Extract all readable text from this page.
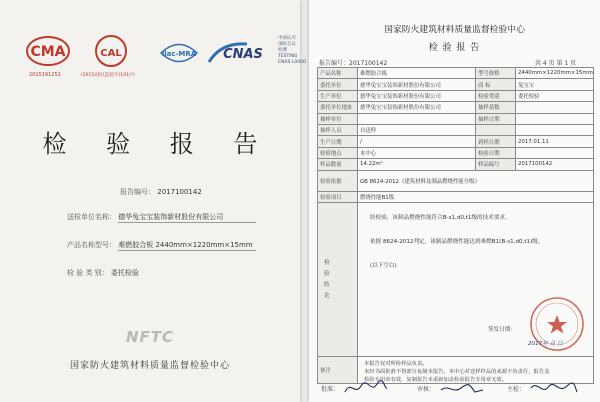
CMA
2015191252
CAL
(2015)国认监验字(191)号
ilac-MRA CNAS
中国认可
国际互认
检测
TESTING
CNAS L0000
检 验 报 告
报告编号： 2017100142
送检单位名称： 德华兔宝宝装饰新材股份有限公司
产品名称型号： 难燃胶合板 2440mm×1220mm×15mm
检 验 类 别： 委托检验
NFTC
国家防火建筑材料质量监督检验中心
国家防火建筑材料质量监督检验中心
检 验 报 告
报告编号：2017100142	共 4 页 第 1 页
产品名称	难燃胶合板	型号规格	2440mm×1220mm×15mm
委托单位	德华兔宝宝装饰新材股份有限公司	商 标	兔宝宝
生产单位	德华兔宝宝装饰新材股份有限公司	检验类别	委托检验
委托单位地址	德华兔宝宝装饰新材股份有限公司	抽样基数	
抽样单位		抽样日期	
抽样人员	自送样		
生产日期	/	到样日期	2017.01.11
检验地点	本中心	检验日期	
样品数量	14.22m²	样品编号	2017100142
检验依据	GB 8624-2012《建筑材料及制品燃烧性能分级》		
检验项目	燃烧性能B1级		

检验结论	经检验，该制品燃烧性能符合B-s1,d0,t1级的技术要求。
依据 8624-2012判定，该制品燃烧性能达到难燃B1(B-s1,d0,t1)级。
(以下空白)
签发日期：
2017年 月 日		

备注	本报告仅对所检样品负责。
未经书面批准不得部分复制本报告，本中心对送样样品的来源不负责任，报告盖
检验专用章有效，复制报告未重新加盖检验报告专用章无效。		
批准：	审核：	主检：
